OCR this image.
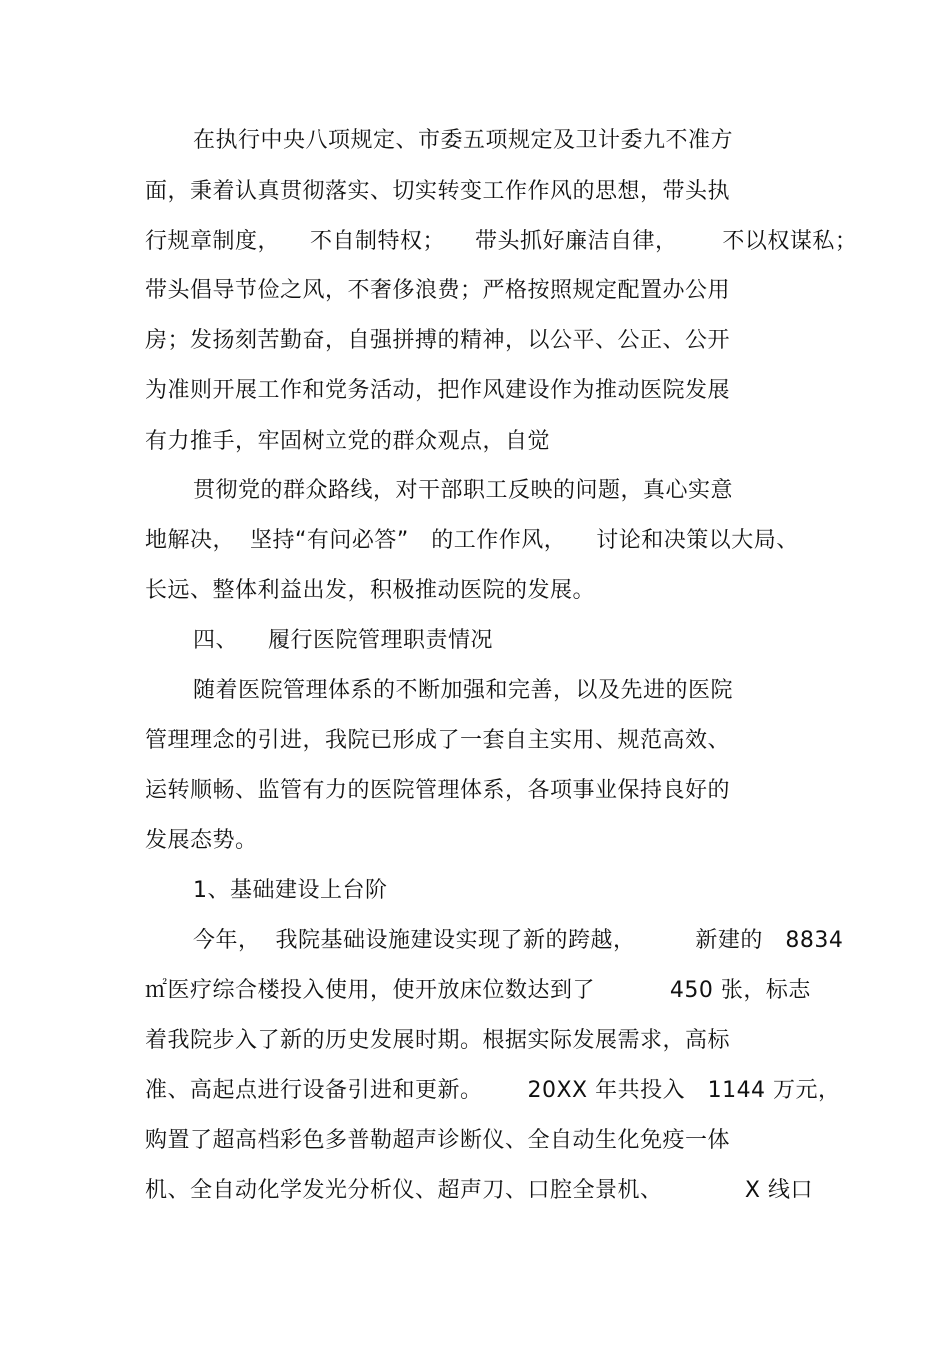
在执行中央八项规定、市委五项规定及卫计委九不准方
面，秉着认真贯彻落实、切实转变工作作风的思想，带头执
行规章制度，    不自制特权；    带头抓好廉洁自律，      不以权谋私；
带头倡导节俭之风，不奢侈浪费；严格按照规定配置办公用
房；发扬刻苦勤奋，自强拼搏的精神，以公平、公正、公开
为准则开展工作和党务活动，把作风建设作为推动医院发展
有力推手，牢固树立党的群众观点，自觉
贯彻党的群众路线，对干部职工反映的问题，真心实意
地解决，  坚持“有问必答”   的工作作风，    讨论和决策以大局、
长远、整体利益出发，积极推动医院的发展。
四、    履行医院管理职责情况
随着医院管理体系的不断加强和完善，以及先进的医院
管理理念的引进，我院已形成了一套自主实用、规范高效、
运转顺畅、监管有力的医院管理体系，各项事业保持良好的
发展态势。
1、基础建设上台阶
今年，  我院基础设施建设实现了新的跨越，        新建的   8834
㎡医疗综合楼投入使用，使开放床位数达到了          450 张，标志
着我院步入了新的历史发展时期。根据实际发展需求，高标
准、高起点进行设备引进和更新。      20XX 年共投入   1144 万元，
购置了超高档彩色多普勒超声诊断仪、全自动生化免疫一体
机、全自动化学发光分析仪、超声刀、口腔全景机、           X 线口
